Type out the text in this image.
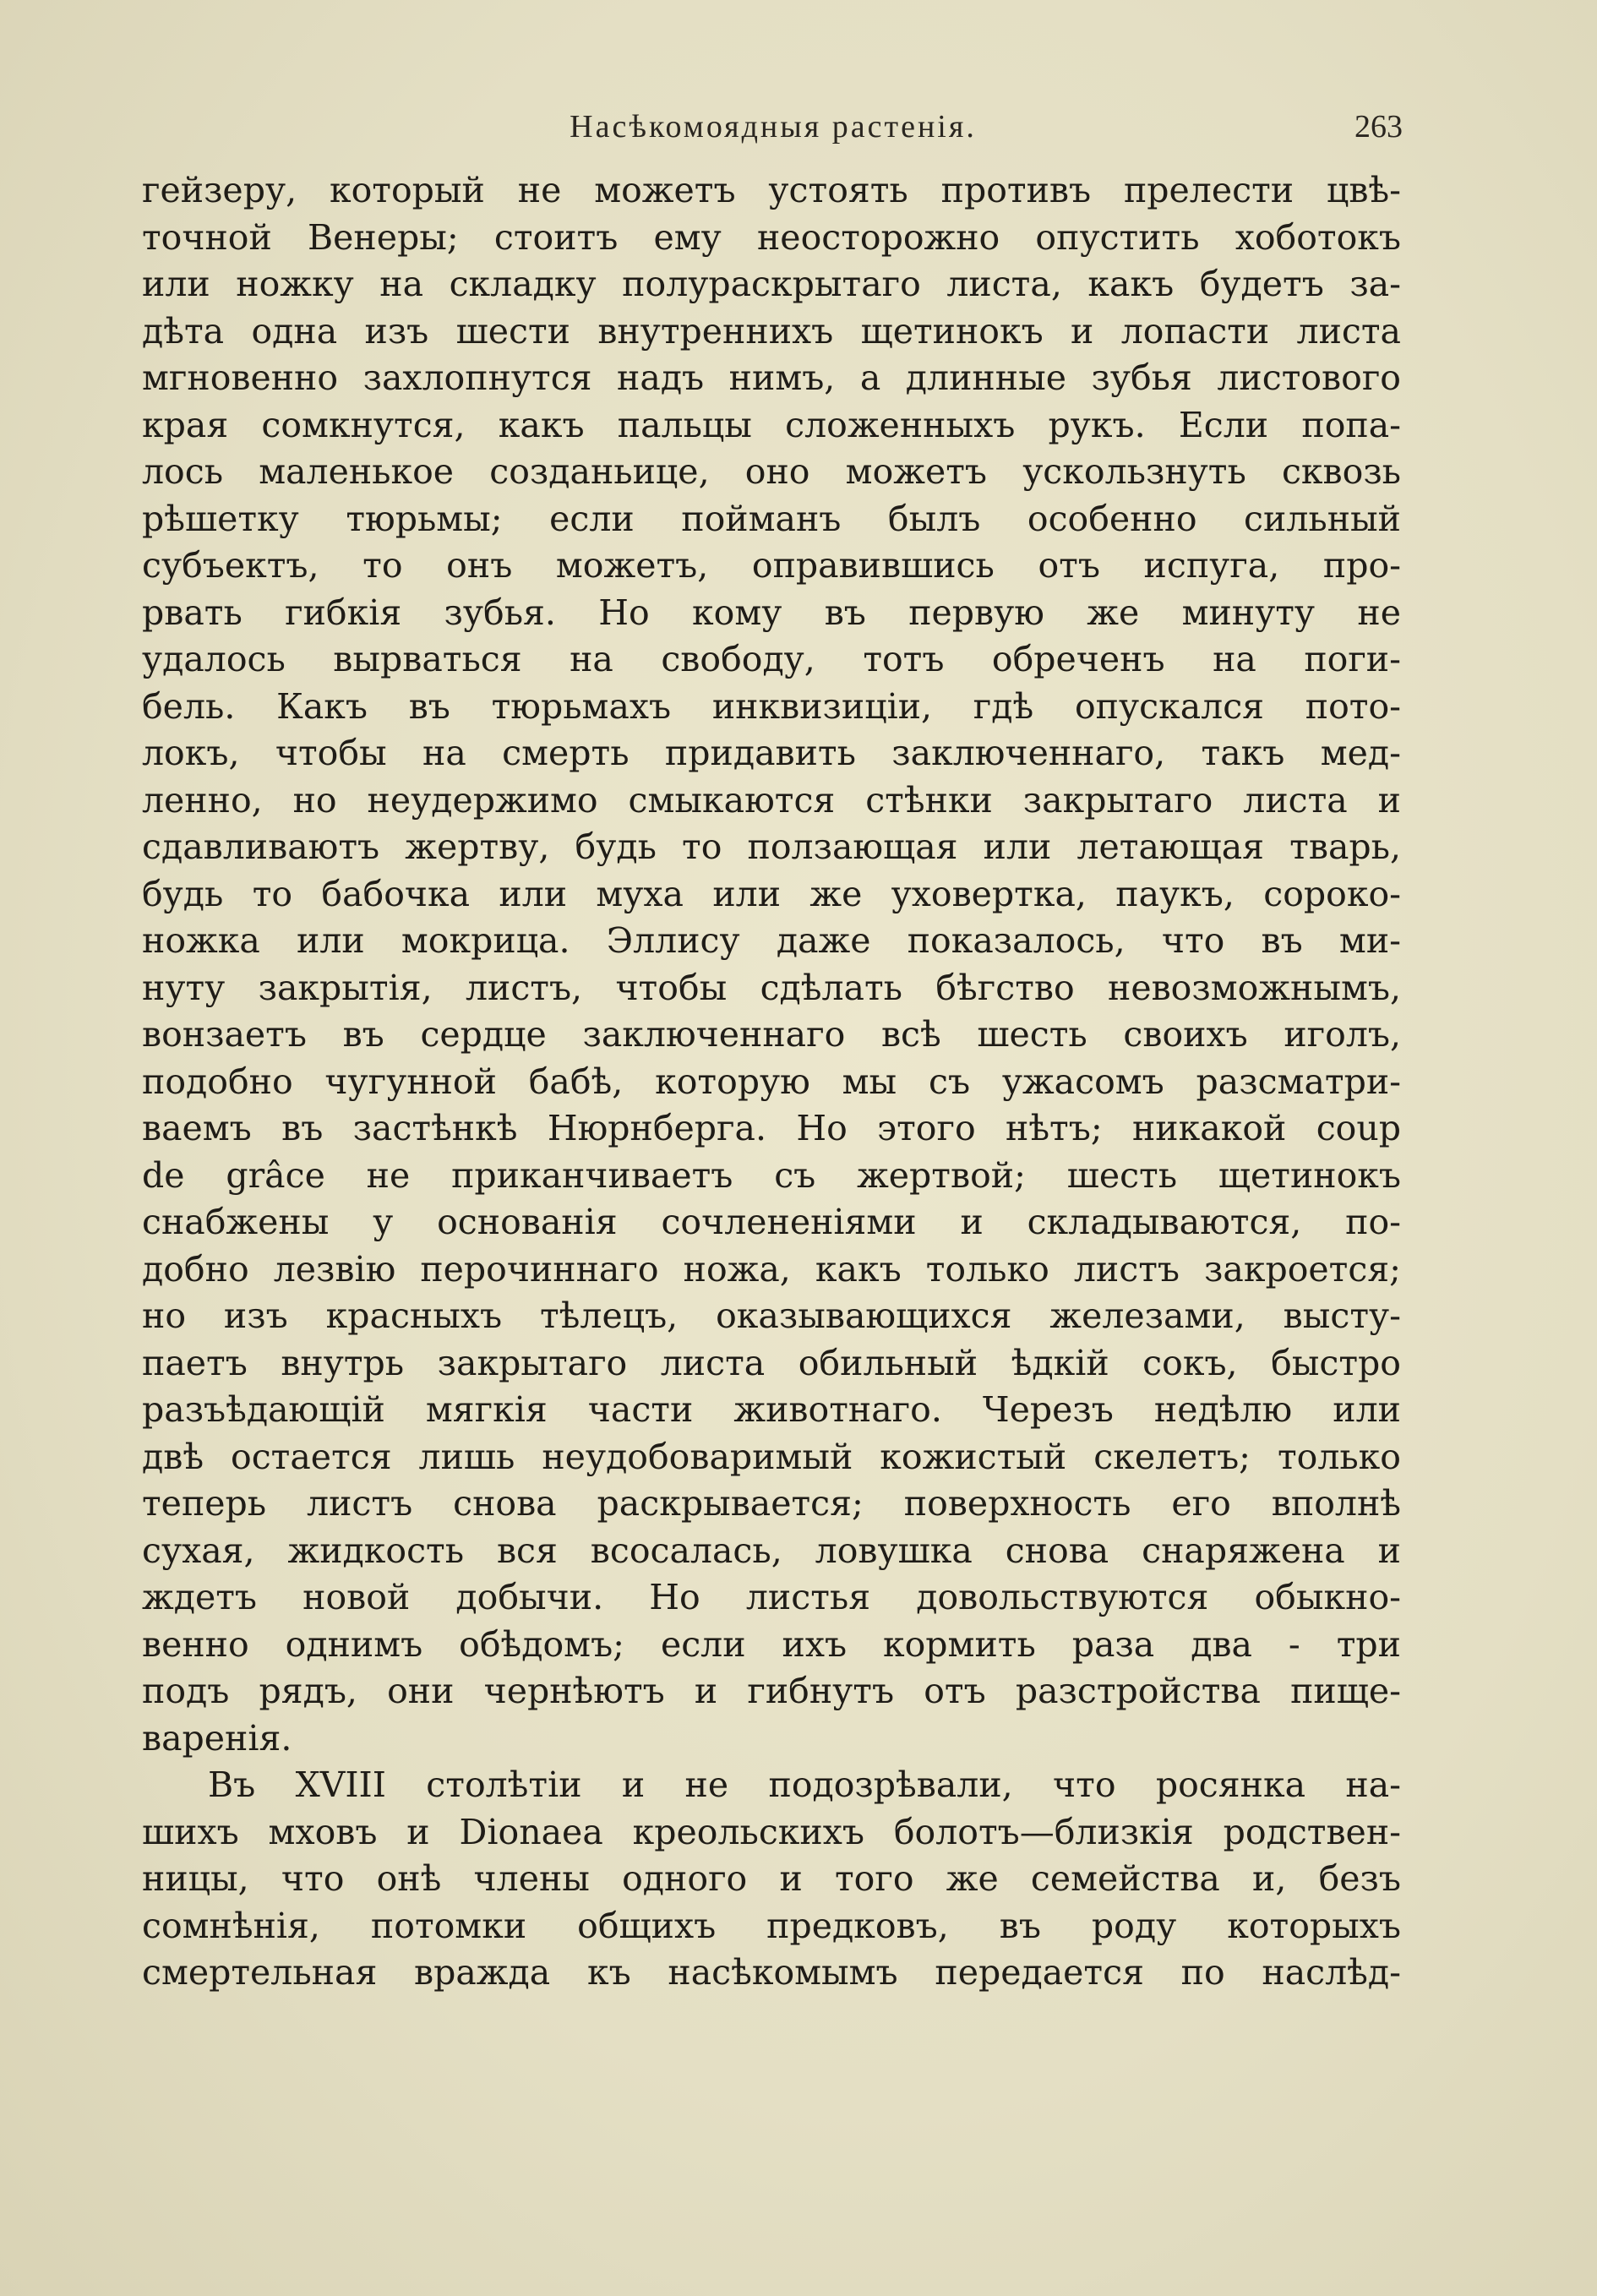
Насѣкомоядныя растенія.	263
гейзеру, который не можетъ устоять противъ прелести цвѣ-
точной Венеры; стоитъ ему неосторожно опустить хоботокъ
или ножку на складку полураскрытаго листа, какъ будетъ за-
дѣта одна изъ шести внутреннихъ щетинокъ и лопасти листа
мгновенно захлопнутся надъ нимъ, а длинные зубья листового
края сомкнутся, какъ пальцы сложенныхъ рукъ. Если попа-
лось маленькое созданьице, оно можетъ ускользнуть сквозь
рѣшетку тюрьмы; если пойманъ былъ особенно сильный
субъектъ, то онъ можетъ, оправившись отъ испуга, про-
рвать гибкія зубья. Но кому въ первую же минуту не
удалось вырваться на свободу, тотъ обреченъ на поги-
бель. Какъ въ тюрьмахъ инквизиціи, гдѣ опускался пото-
локъ, чтобы на смерть придавить заключеннаго, такъ мед-
ленно, но неудержимо смыкаются стѣнки закрытаго листа и
сдавливаютъ жертву, будь то ползающая или летающая тварь,
будь то бабочка или муха или же уховертка, паукъ, сороко-
ножка или мокрица. Эллису даже показалось, что въ ми-
нуту закрытія, листъ, чтобы сдѣлать бѣгство невозможнымъ,
вонзаетъ въ сердце заключеннаго всѣ шесть своихъ иголъ,
подобно чугунной бабѣ, которую мы съ ужасомъ разсматри-
ваемъ въ застѣнкѣ Нюрнберга. Но этого нѣтъ; никакой coup
de grâce не приканчиваетъ съ жертвой; шесть щетинокъ
снабжены у основанія сочлененіями и складываются, по-
добно лезвію перочиннаго ножа, какъ только листъ закроется;
но изъ красныхъ тѣлецъ, оказывающихся железами, высту-
паетъ внутрь закрытаго листа обильный ѣдкій сокъ, быстро
разъѣдающій мягкія части животнаго. Черезъ недѣлю или
двѣ остается лишь неудобоваримый кожистый скелетъ; только
теперь листъ снова раскрывается; поверхность его вполнѣ
сухая, жидкость вся всосалась, ловушка снова снаряжена и
ждетъ новой добычи. Но листья довольствуются обыкно-
венно однимъ обѣдомъ; если ихъ кормить раза два - три
подъ рядъ, они чернѣютъ и гибнутъ отъ разстройства пище-
варенія.
Въ XVIII столѣтіи и не подозрѣвали, что росянка на-
шихъ мховъ и Dionaea креольскихъ болотъ—близкія родствен-
ницы, что онѣ члены одного и того же семейства и, безъ
сомнѣнія, потомки общихъ предковъ, въ роду которыхъ
смертельная вражда къ насѣкомымъ передается по наслѣд-
